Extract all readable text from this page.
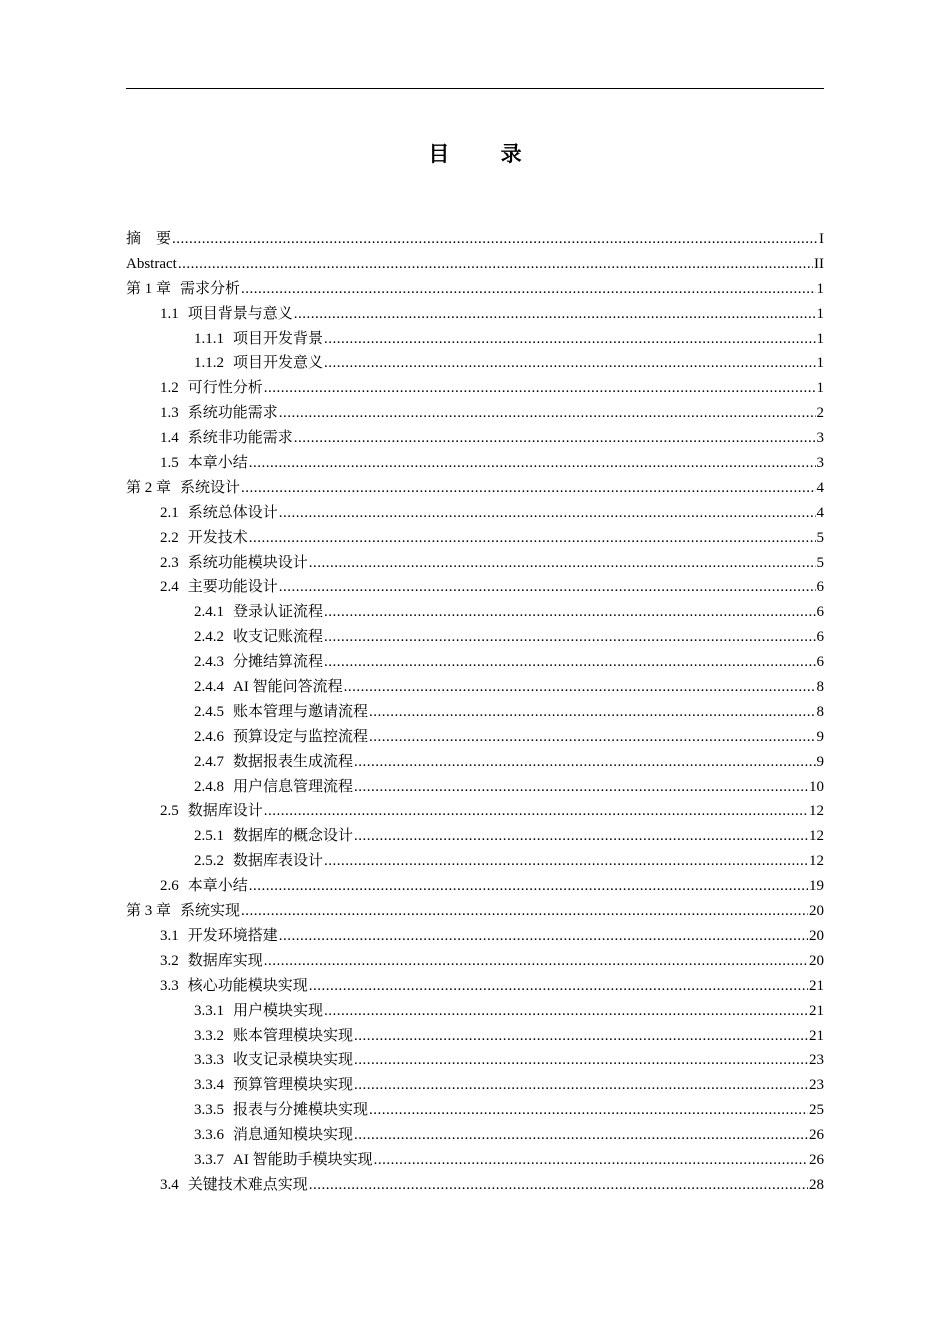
目 录
摘　要 .....	I
Abstract .....	II
第 1 章 需求分析 .....	1
1.1 项目背景与意义 .....	1
1.1.1 项目开发背景 .....	1
1.1.2 项目开发意义 .....	1
1.2 可行性分析 .....	1
1.3 系统功能需求 .....	2
1.4 系统非功能需求 .....	3
1.5 本章小结 .....	3
第 2 章 系统设计 .....	4
2.1 系统总体设计 .....	4
2.2 开发技术 .....	5
2.3 系统功能模块设计 .....	5
2.4 主要功能设计 .....	6
2.4.1 登录认证流程 .....	6
2.4.2 收支记账流程 .....	6
2.4.3 分摊结算流程 .....	6
2.4.4 AI 智能问答流程 .....	8
2.4.5 账本管理与邀请流程 .....	8
2.4.6 预算设定与监控流程 .....	9
2.4.7 数据报表生成流程 .....	9
2.4.8 用户信息管理流程 .....	10
2.5 数据库设计 .....	12
2.5.1 数据库的概念设计 .....	12
2.5.2 数据库表设计 .....	12
2.6 本章小结 .....	19
第 3 章 系统实现 .....	20
3.1 开发环境搭建 .....	20
3.2 数据库实现 .....	20
3.3 核心功能模块实现 .....	21
3.3.1 用户模块实现 .....	21
3.3.2 账本管理模块实现 .....	21
3.3.3 收支记录模块实现 .....	23
3.3.4 预算管理模块实现 .....	23
3.3.5 报表与分摊模块实现 .....	25
3.3.6 消息通知模块实现 .....	26
3.3.7 AI 智能助手模块实现 .....	26
3.4 关键技术难点实现 .....	28
